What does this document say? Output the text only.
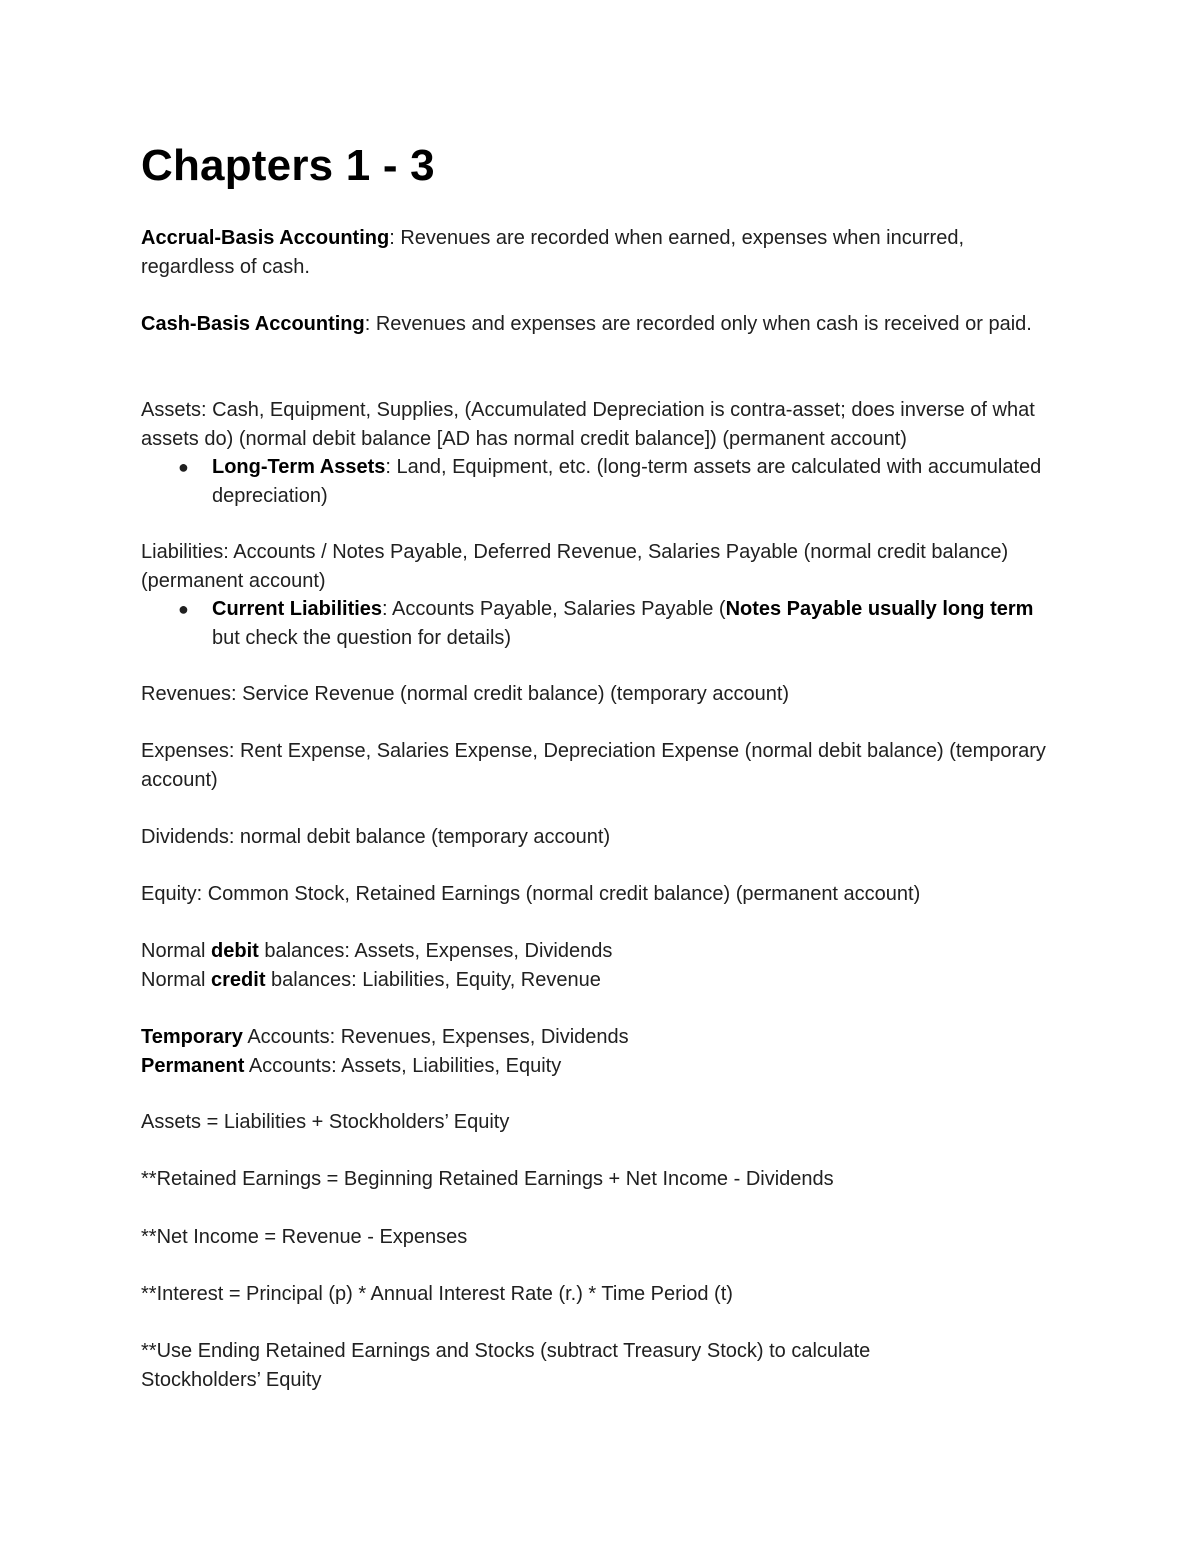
Chapters 1 - 3
Accrual-Basis Accounting: Revenues are recorded when earned, expenses when incurred, regardless of cash.
Cash-Basis Accounting: Revenues and expenses are recorded only when cash is received or paid.
Assets: Cash, Equipment, Supplies, (Accumulated Depreciation is contra-asset; does inverse of what assets do) (normal debit balance [AD has normal credit balance]) (permanent account)
● Long-Term Assets: Land, Equipment, etc. (long-term assets are calculated with accumulated depreciation)
Liabilities: Accounts / Notes Payable, Deferred Revenue, Salaries Payable (normal credit balance) (permanent account)
● Current Liabilities: Accounts Payable, Salaries Payable (Notes Payable usually long term but check the question for details)
Revenues: Service Revenue (normal credit balance) (temporary account)
Expenses: Rent Expense, Salaries Expense, Depreciation Expense (normal debit balance) (temporary account)
Dividends: normal debit balance (temporary account)
Equity: Common Stock, Retained Earnings (normal credit balance) (permanent account)
Normal debit balances: Assets, Expenses, Dividends
Normal credit balances: Liabilities, Equity, Revenue
Temporary Accounts: Revenues, Expenses, Dividends
Permanent Accounts: Assets, Liabilities, Equity
Assets = Liabilities + Stockholders’ Equity
**Retained Earnings = Beginning Retained Earnings + Net Income - Dividends
**Net Income = Revenue - Expenses
**Interest = Principal (p) * Annual Interest Rate (r.) * Time Period (t)
**Use Ending Retained Earnings and Stocks (subtract Treasury Stock) to calculate Stockholders’ Equity
